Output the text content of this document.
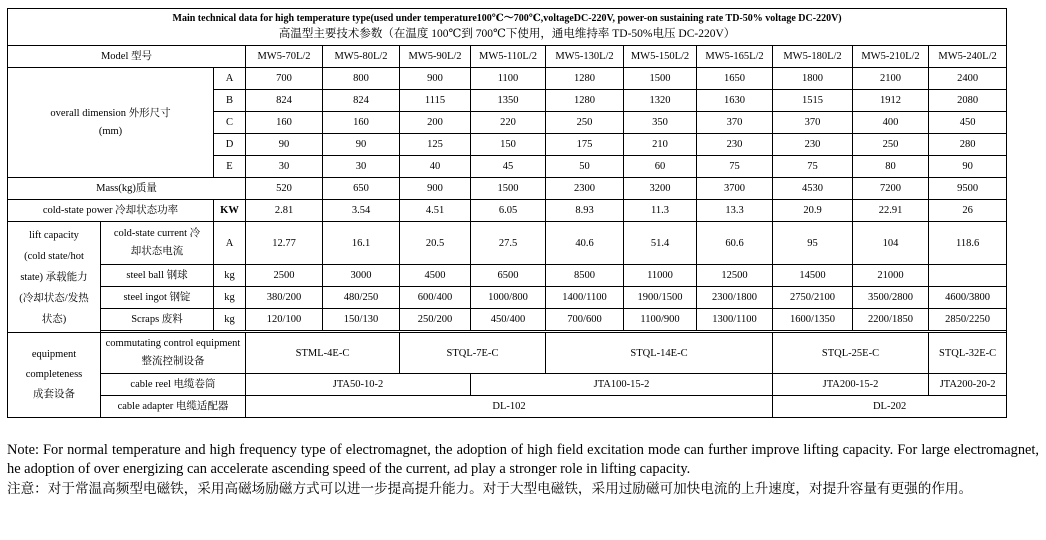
Main technical data for high temperature type(used under temperature100℃～700℃,voltageDC-220V, power-on sustaining rate TD-50% voltage DC-220V)
高温型主要技术参数（在温度 100℃到 700℃下使用，通电维持率 TD-50%电压 DC-220V）												

Model 型号			MW5-70L/2	MW5-80L/2	MW5-90L/2	MW5-110L/2	MW5-130L/2	MW5-150L/2	MW5-165L/2	MW5-180L/2	MW5-210L/2	MW5-240L/2

overall dimension 外形尺寸
(mm)		A	700	800	900	1100	1280	1500	1650	1800	2100	2400
		B	824	824	1115	1350	1280	1320	1630	1515	1912	2080
		C	160	160	200	220	250	350	370	370	400	450
		D	90	90	125	150	175	210	230	230	250	280
		E	30	30	40	45	50	60	75	75	80	90
Mass(kg)质量			520	650	900	1500	2300	3200	3700	4530	7200	9500
cold-state power 冷却状态功率		KW	2.81	3.54	4.51	6.05	8.93	11.3	13.3	20.9	22.91	26

lift capacity
(cold state/hot
state) 承载能力
(冷却状态/发热
状态)	cold-state current 冷
却状态电流	A	12.77	16.1	20.5	27.5	40.6	51.4	60.6	95	104	118.6
	steel ball 钢球	kg	2500	3000	4500	6500	8500	11000	12500	14500	21000	
	steel ingot 钢锭	kg	380/200	480/250	600/400	1000/800	1400/1100	1900/1500	2300/1800	2750/2100	3500/2800	4600/3800
	Scraps 废料	kg	120/100	150/130	250/200	450/400	700/600	1100/900	1300/1100	1600/1350	2200/1850	2850/2250

equipment
completeness
成套设备	commutating control equipment
整流控制设备		STML-4E-C		STQL-7E-C		STQL-14E-C			STQL-25E-C		STQL-32E-C
	cable reel 电缆卷筒		JTA50-10-2			JTA100-15-2				JTA200-15-2		JTA200-20-2
	cable adapter 电缆适配器		DL-102							DL-202		

Note: For normal temperature and high frequency type of electromagnet, the adoption of high field excitation mode can further improve lifting capacity. For large electromagnet, he adoption of over energizing can accelerate ascending speed of the current, ad play a stronger role in lifting capacity.

注意：对于常温高频型电磁铁，采用高磁场励磁方式可以进一步提高提升能力。对于大型电磁铁，采用过励磁可加快电流的上升速度，对提升容量有更强的作用。
